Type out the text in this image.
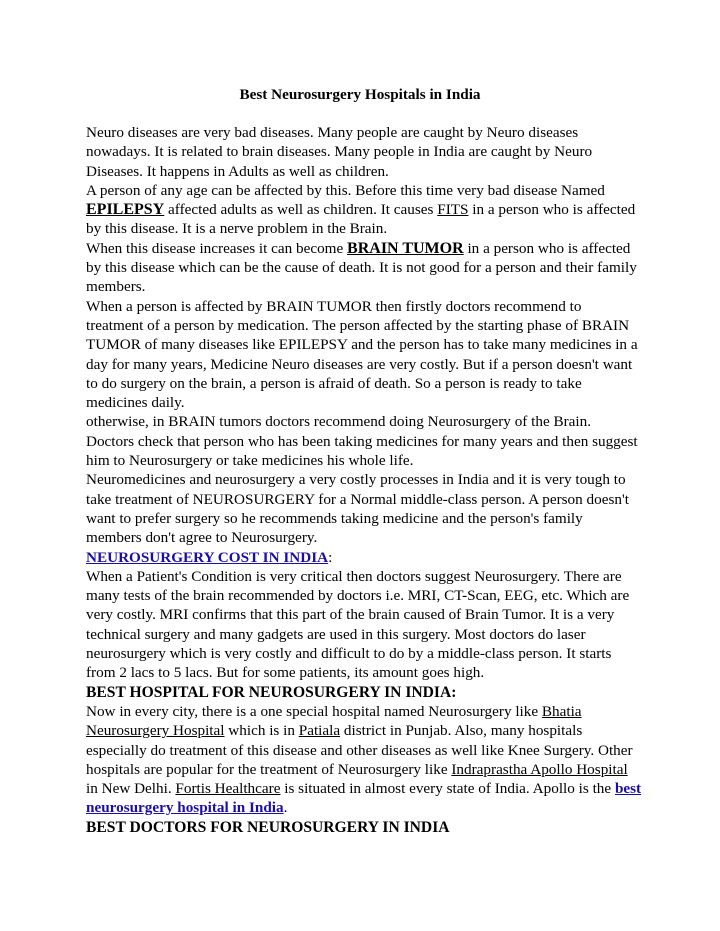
Best Neurosurgery Hospitals in India

Neuro diseases are very bad diseases. Many people are caught by Neuro diseases nowadays. It is related to brain diseases. Many people in India are caught by Neuro Diseases. It happens in Adults as well as children.

A person of any age can be affected by this. Before this time very bad disease Named EPILEPSY affected adults as well as children. It causes FITS in a person who is affected by this disease. It is a nerve problem in the Brain.

When this disease increases it can become BRAIN TUMOR in a person who is affected by this disease which can be the cause of death. It is not good for a person and their family members.

When a person is affected by BRAIN TUMOR then firstly doctors recommend to treatment of a person by medication. The person affected by the starting phase of BRAIN TUMOR of many diseases like EPILEPSY and the person has to take many medicines in a day for many years, Medicine Neuro diseases are very costly. But if a person doesn't want to do surgery on the brain, a person is afraid of death. So a person is ready to take medicines daily.

otherwise, in BRAIN tumors doctors recommend doing Neurosurgery of the Brain. Doctors check that person who has been taking medicines for many years and then suggest him to Neurosurgery or take medicines his whole life.

Neuromedicines and neurosurgery a very costly processes in India and it is very tough to take treatment of NEUROSURGERY for a Normal middle-class person. A person doesn't want to prefer surgery so he recommends taking medicine and the person's family members don't agree to Neurosurgery.

NEUROSURGERY COST IN INDIA:

When a Patient's Condition is very critical then doctors suggest Neurosurgery. There are many tests of the brain recommended by doctors i.e. MRI, CT-Scan, EEG, etc. Which are very costly. MRI confirms that this part of the brain caused of Brain Tumor. It is a very technical surgery and many gadgets are used in this surgery. Most doctors do laser neurosurgery which is very costly and difficult to do by a middle-class person. It starts from 2 lacs to 5 lacs. But for some patients, its amount goes high.

BEST HOSPITAL FOR NEUROSURGERY IN INDIA:

Now in every city, there is a one special hospital named Neurosurgery like Bhatia Neurosurgery Hospital which is in Patiala district in Punjab. Also, many hospitals especially do treatment of this disease and other diseases as well like Knee Surgery. Other hospitals are popular for the treatment of Neurosurgery like Indraprastha Apollo Hospital in New Delhi. Fortis Healthcare is situated in almost every state of India. Apollo is the best neurosurgery hospital in India.

BEST DOCTORS FOR NEUROSURGERY IN INDIA
